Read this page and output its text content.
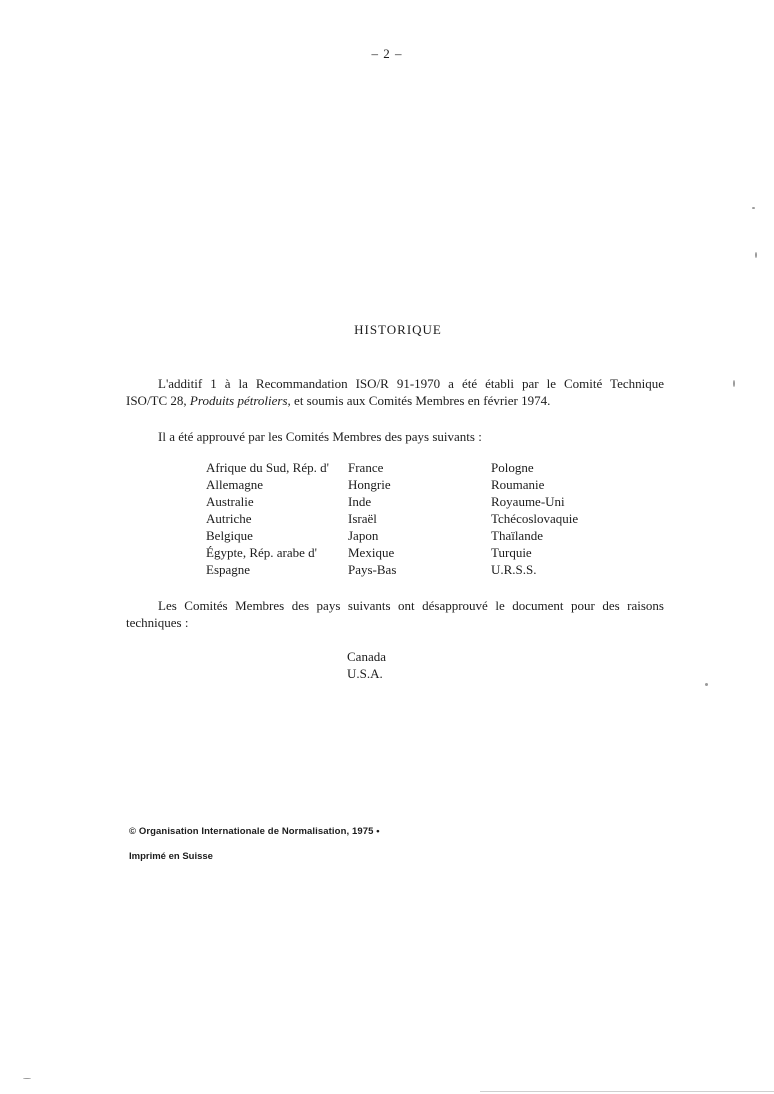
– 2 –
HISTORIQUE
L'additif 1 à la Recommandation ISO/R 91-1970 a été établi par le Comité Technique
ISO/TC 28, Produits pétroliers, et soumis aux Comités Membres en février 1974.
Il a été approuvé par les Comités Membres des pays suivants :
Afrique du Sud, Rép. d'
Allemagne
Australie
Autriche
Belgique
Égypte, Rép. arabe d'
Espagne
France
Hongrie
Inde
Israël
Japon
Mexique
Pays-Bas
Pologne
Roumanie
Royaume-Uni
Tchécoslovaquie
Thaïlande
Turquie
U.R.S.S.
Les Comités Membres des pays suivants ont désapprouvé le document pour des raisons
techniques :
Canada
U.S.A.
© Organisation Internationale de Normalisation, 1975 •
Imprimé en Suisse
